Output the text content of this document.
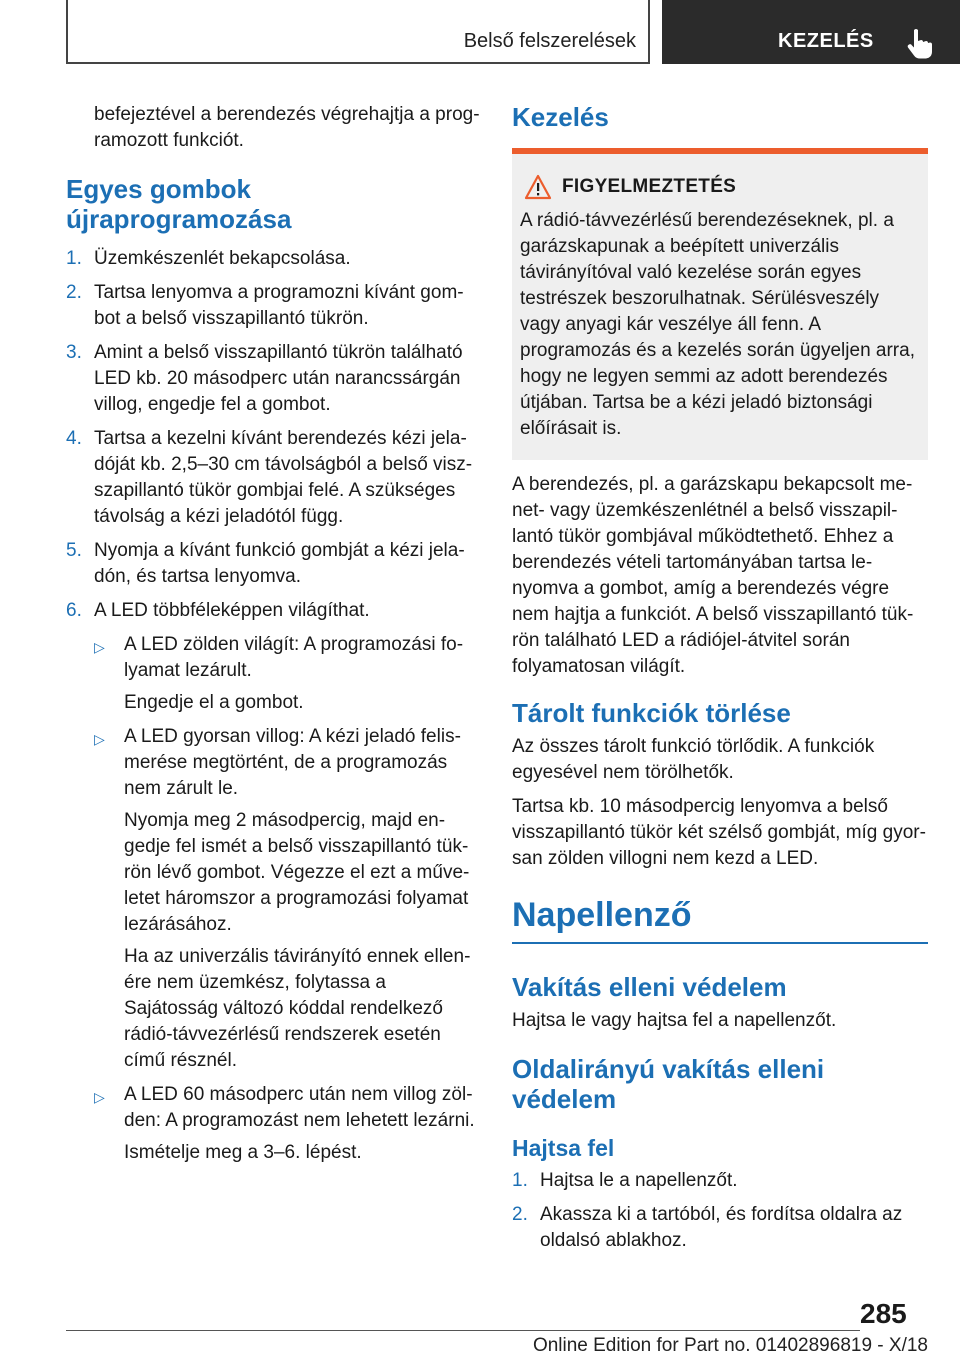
Belső felszerelések	KEZELÉS

befejeztével a berendezés végrehajtja a programozott funkciót.

Egyes gombok újraprogramozása
1. Üzemkészenlét bekapcsolása.
2. Tartsa lenyomva a programozni kívánt gombot a belső visszapillantó tükrön.
3. Amint a belső visszapillantó tükrön található LED kb. 20 másodperc után narancssárgán villog, engedje fel a gombot.
4. Tartsa a kezelni kívánt berendezés kézi jeladóját kb. 2,5–30 cm távolságból a belső viszszapillantó tükör gombjai felé. A szükséges távolság a kézi jeladótól függ.
5. Nyomja a kívánt funkció gombját a kézi jeladón, és tartsa lenyomva.
6. A LED többféleképpen világíthat.
▷ A LED zölden világít: A programozási folyamat lezárult.
Engedje el a gombot.
▷ A LED gyorsan villog: A kézi jeladó felismerése megtörtént, de a programozás nem zárult le.
Nyomja meg 2 másodpercig, majd engedje fel ismét a belső visszapillantó tükrön lévő gombot. Végezze el ezt a műveletet háromszor a programozási folyamat lezárásához.
Ha az univerzális távirányító ennek ellenére nem üzemkész, folytassa a Sajátosság változó kóddal rendelkező rádió-távvezérlésű rendszerek esetén című résznél.
▷ A LED 60 másodperc után nem villog zölden: A programozást nem lehetett lezárni.
Ismételje meg a 3–6. lépést.
Kezelés
FIGYELMEZTETÉS
A rádió-távvezérlésű berendezéseknek, pl. a garázskapunak a beépített univerzális távirányítóval való kezelése során egyes testrészek beszorulhatnak. Sérülésveszély vagy anyagi kár veszélye áll fenn. A programozás és a kezelés során ügyeljen arra, hogy ne legyen semmi az adott berendezés útjában. Tartsa be a kézi jeladó biztonsági előírásait is.

A berendezés, pl. a garázskapu bekapcsolt menet- vagy üzemkészenlétnél a belső visszapillantó tükör gombjával működtethető. Ehhez a berendezés vételi tartományában tartsa lenyomva a gombot, amíg a berendezés végre nem hajtja a funkciót. A belső visszapillantó tükrön található LED a rádiójel-átvitel során folyamatosan világít.

Tárolt funkciók törlése

Az összes tárolt funkció törlődik. A funkciók egyesével nem törölhetők.

Tartsa kb. 10 másodpercig lenyomva a belső visszapillantó tükör két szélső gombját, míg gyorsan zölden villogni nem kezd a LED.

Napellenző
Vakítás elleni védelem

Hajtsa le vagy hajtsa fel a napellenzőt.

Oldalirányú vakítás elleni védelem
Hajtsa fel
1. Hajtsa le a napellenzőt.
2. Akassza ki a tartóból, és fordítsa oldalra az oldalsó ablakhoz.
285
Online Edition for Part no. 01402896819 - X/18
